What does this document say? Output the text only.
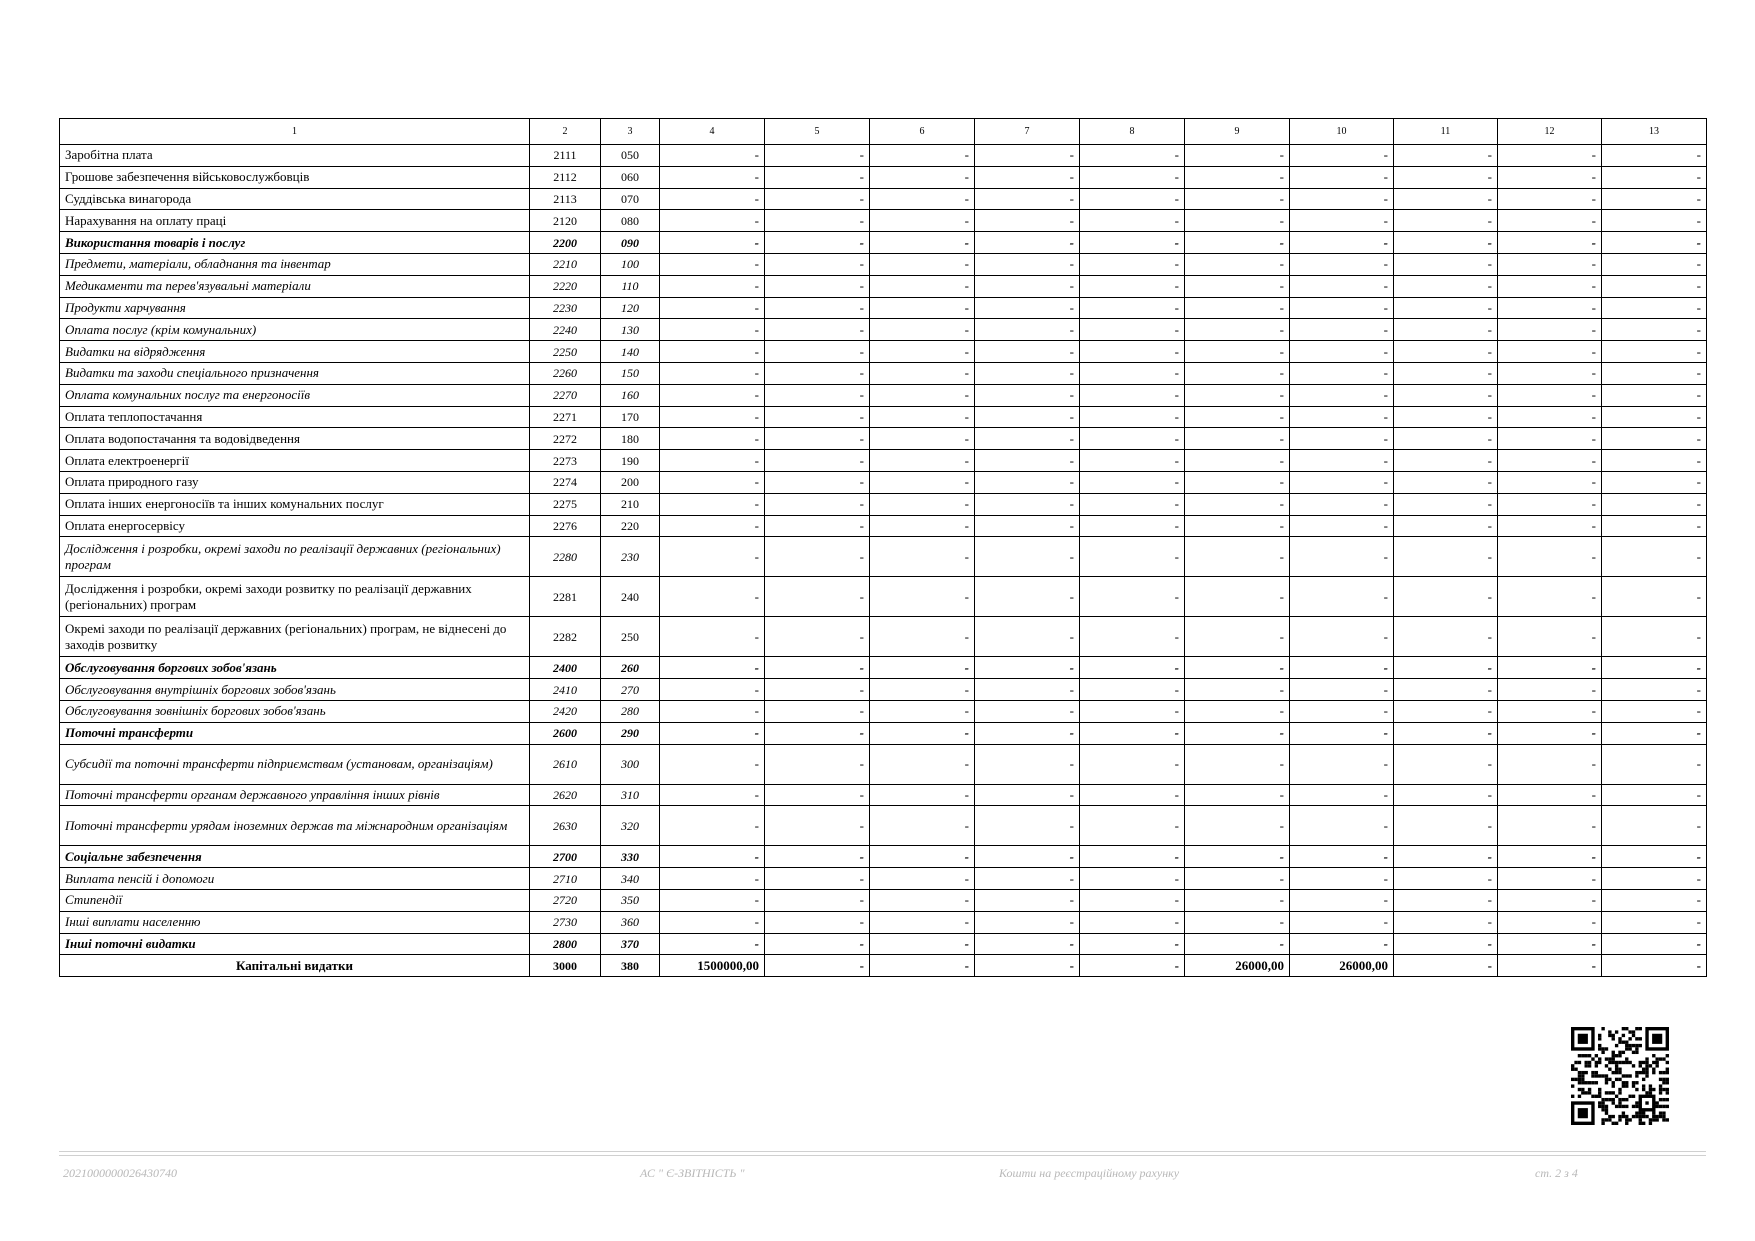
1	2	3	4	5	6	7	8	9	10	11	12	13
Заробітна плата	2111	050	-	-	-	-	-	-	-	-	-	-
Грошове забезпечення військовослужбовців	2112	060	-	-	-	-	-	-	-	-	-	-
Суддівська винагорода	2113	070	-	-	-	-	-	-	-	-	-	-
Нарахування на оплату праці	2120	080	-	-	-	-	-	-	-	-	-	-
Використання товарів і послуг	2200	090	-	-	-	-	-	-	-	-	-	-
Предмети, матеріали, обладнання та інвентар	2210	100	-	-	-	-	-	-	-	-	-	-
Медикаменти та перев'язувальні матеріали	2220	110	-	-	-	-	-	-	-	-	-	-
Продукти харчування	2230	120	-	-	-	-	-	-	-	-	-	-
Оплата послуг (крім комунальних)	2240	130	-	-	-	-	-	-	-	-	-	-
Видатки на відрядження	2250	140	-	-	-	-	-	-	-	-	-	-
Видатки та заходи спеціального призначення	2260	150	-	-	-	-	-	-	-	-	-	-
Оплата комунальних послуг та енергоносіїв	2270	160	-	-	-	-	-	-	-	-	-	-
Оплата теплопостачання	2271	170	-	-	-	-	-	-	-	-	-	-
Оплата водопостачання та водовідведення	2272	180	-	-	-	-	-	-	-	-	-	-
Оплата електроенергії	2273	190	-	-	-	-	-	-	-	-	-	-
Оплата природного газу	2274	200	-	-	-	-	-	-	-	-	-	-
Оплата інших енергоносіїв та інших комунальних послуг	2275	210	-	-	-	-	-	-	-	-	-	-
Оплата енергосервісу	2276	220	-	-	-	-	-	-	-	-	-	-
Дослідження і розробки, окремі заходи по реалізації державних (регіональних) програм	2280	230	-	-	-	-	-	-	-	-	-	-
Дослідження і розробки, окремі заходи розвитку по реалізації державних (регіональних) програм	2281	240	-	-	-	-	-	-	-	-	-	-
Окремі заходи по реалізації державних (регіональних) програм, не віднесені до заходів розвитку	2282	250	-	-	-	-	-	-	-	-	-	-
Обслуговування боргових зобов'язань	2400	260	-	-	-	-	-	-	-	-	-	-
Обслуговування внутрішніх боргових зобов'язань	2410	270	-	-	-	-	-	-	-	-	-	-
Обслуговування зовнішніх боргових зобов'язань	2420	280	-	-	-	-	-	-	-	-	-	-
Поточні трансферти	2600	290	-	-	-	-	-	-	-	-	-	-
Субсидії та поточні трансферти підприємствам (установам, організаціям)	2610	300	-	-	-	-	-	-	-	-	-	-
Поточні трансферти органам державного управління інших рівнів	2620	310	-	-	-	-	-	-	-	-	-	-
Поточні трансферти урядам іноземних держав та міжнародним організаціям	2630	320	-	-	-	-	-	-	-	-	-	-
Соціальне забезпечення	2700	330	-	-	-	-	-	-	-	-	-	-
Виплата пенсій і допомоги	2710	340	-	-	-	-	-	-	-	-	-	-
Стипендії	2720	350	-	-	-	-	-	-	-	-	-	-
Інші виплати населенню	2730	360	-	-	-	-	-	-	-	-	-	-
Інші поточні видатки	2800	370	-	-	-	-	-	-	-	-	-	-
Капітальні видатки	3000	380	1500000,00	-	-	-	-	26000,00	26000,00	-	-	-
2021000000026430740	АС " Є-ЗВІТНІСТЬ "	Кошти на реєстраційному рахунку	ст. 2 з 4
